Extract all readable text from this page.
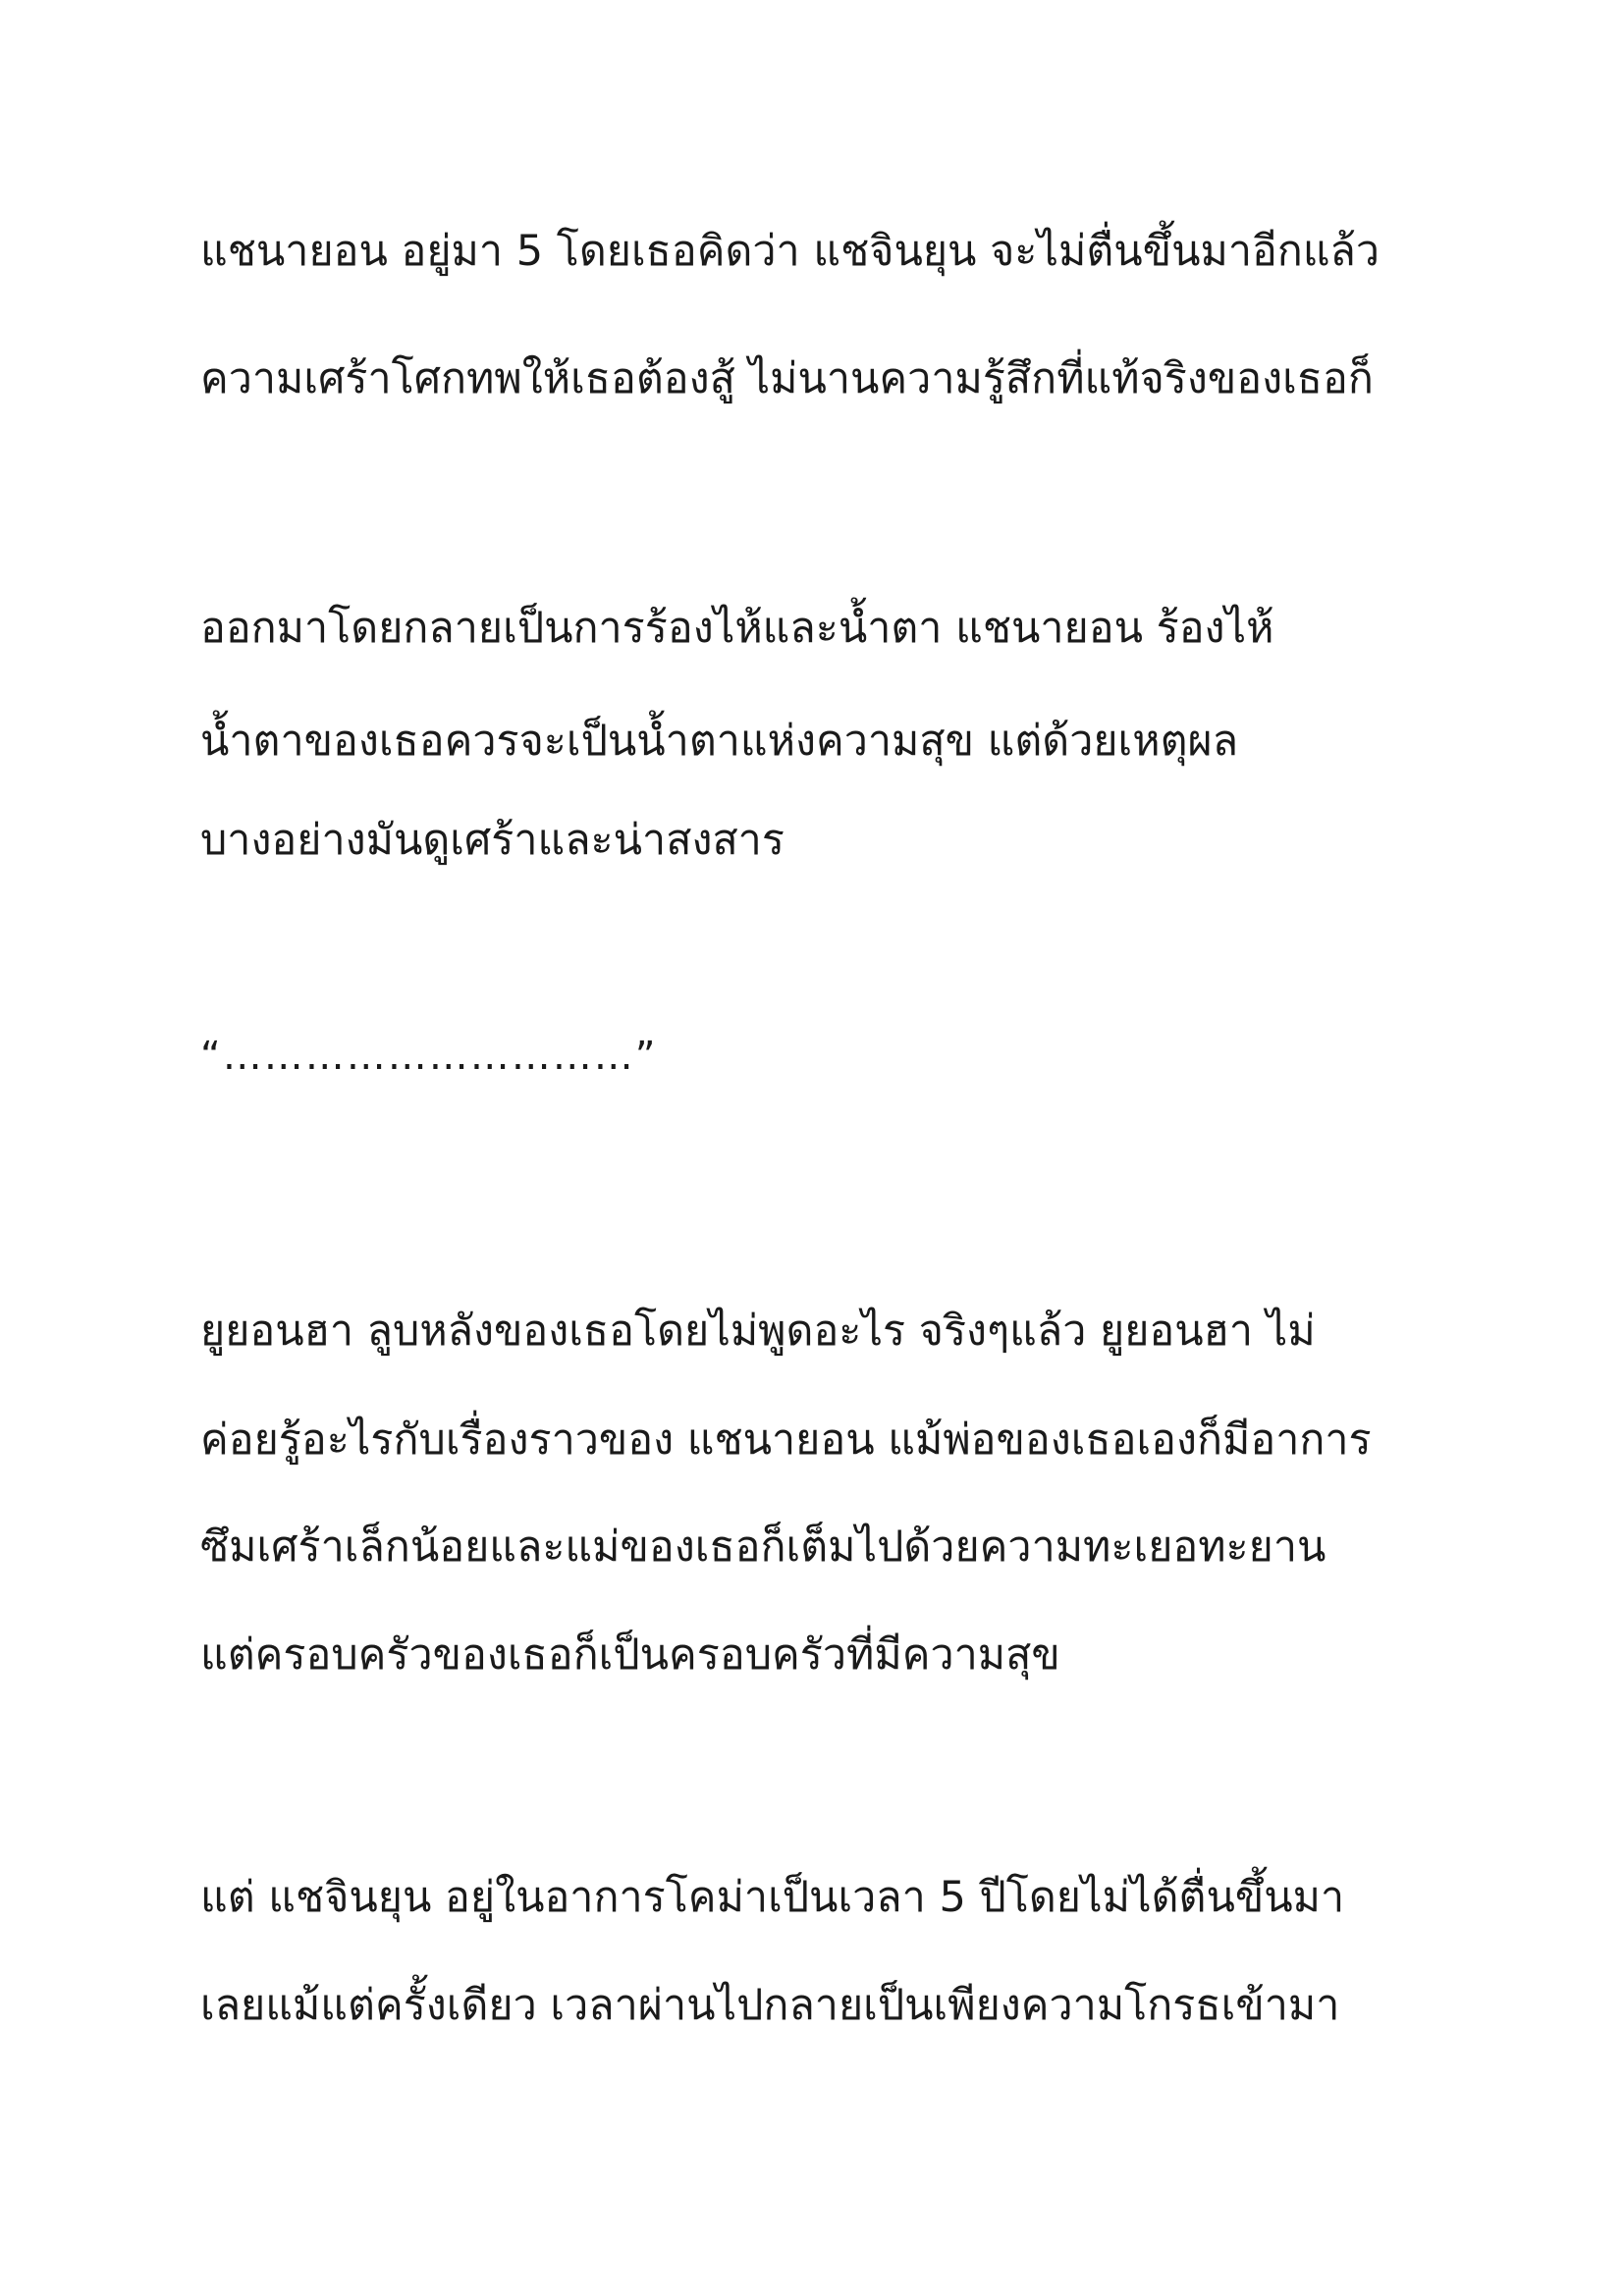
แชนายอน อยู่มา 5 โดยเธอคิดว่า แชจินยุน จะไม่ตื่นขึ้นมาอีกแล้ว
ความเศร้าโศกทพให้เธอต้องสู้ ไม่นานความรู้สึกที่แท้จริงของเธอก็
ออกมาโดยกลายเป็นการร้องไห้และน้ำตา แชนายอน ร้องไห้
น้ำตาของเธอควรจะเป็นน้ำตาแห่งความสุข แต่ด้วยเหตุผล
บางอย่างมันดูเศร้าและน่าสงสาร
“…………………………”
ยูยอนฮา ลูบหลังของเธอโดยไม่พูดอะไร จริงๆแล้ว ยูยอนฮา ไม่
ค่อยรู้อะไรกับเรื่องราวของ แชนายอน แม้พ่อของเธอเองก็มีอาการ
ซึมเศร้าเล็กน้อยและแม่ของเธอก็เต็มไปด้วยความทะเยอทะยาน
แต่ครอบครัวของเธอก็เป็นครอบครัวที่มีความสุข
แต่ แชจินยุน อยู่ในอาการโคม่าเป็นเวลา 5 ปีโดยไม่ได้ตื่นขึ้นมา
เลยแม้แต่ครั้งเดียว เวลาผ่านไปกลายเป็นเพียงความโกรธเข้ามา
